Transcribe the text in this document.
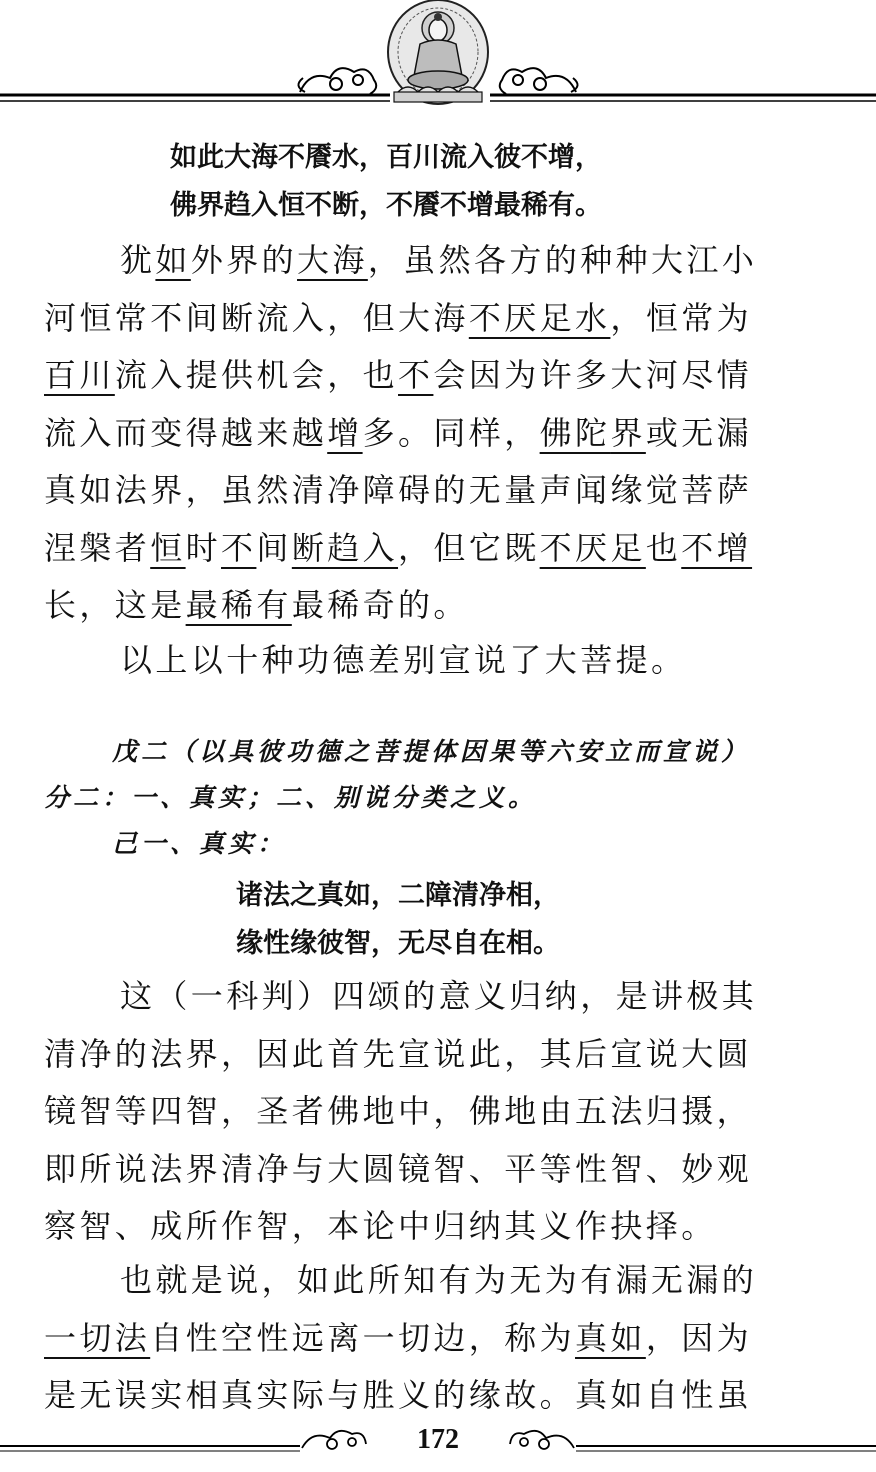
如此大海不餍水，百川流入彼不增，
佛界趋入恒不断，不餍不增最稀有。
犹如外界的大海，虽然各方的种种大江小
河恒常不间断流入，但大海不厌足水，恒常为
百川流入提供机会，也不会因为许多大河尽情
流入而变得越来越增多。同样，佛陀界或无漏
真如法界，虽然清净障碍的无量声闻缘觉菩萨
涅槃者恒时不间断趋入，但它既不厌足也不增
长，这是最稀有最稀奇的。
以上以十种功德差别宣说了大菩提。
戊二（以具彼功德之菩提体因果等六安立而宣说）
分二：一、真实；二、别说分类之义。
己一、真实：
诸法之真如，二障清净相，
缘性缘彼智，无尽自在相。
这（一科判）四颂的意义归纳，是讲极其
清净的法界，因此首先宣说此，其后宣说大圆
镜智等四智，圣者佛地中，佛地由五法归摄，
即所说法界清净与大圆镜智、平等性智、妙观
察智、成所作智，本论中归纳其义作抉择。
也就是说，如此所知有为无为有漏无漏的
一切法自性空性远离一切边，称为真如，因为
是无误实相真实际与胜义的缘故。真如自性虽
172
